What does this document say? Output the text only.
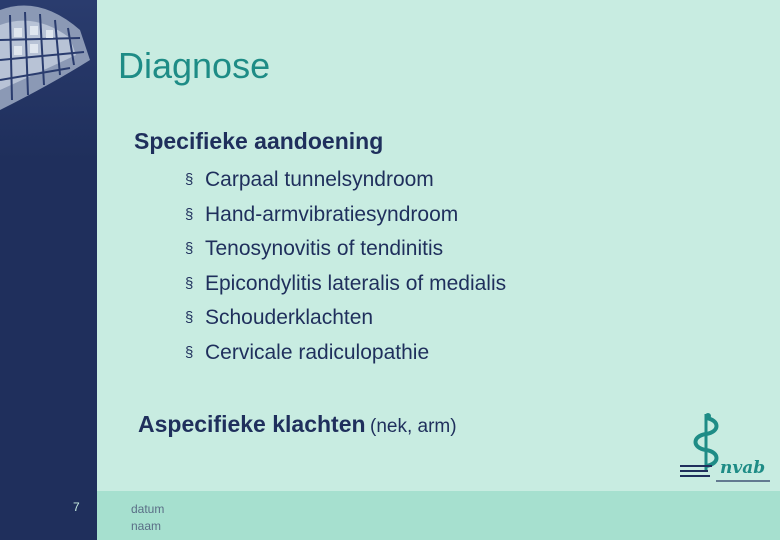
Diagnose
Specifieke aandoening
§ Carpaal tunnelsyndroom
§ Hand-armvibratiesyndroom
§ Tenosynovitis of tendinitis
§ Epicondylitis lateralis of medialis
§ Schouderklachten
§ Cervicale radiculopathie
Aspecifieke klachten (nek, arm)
nvab
7	datum
naam
